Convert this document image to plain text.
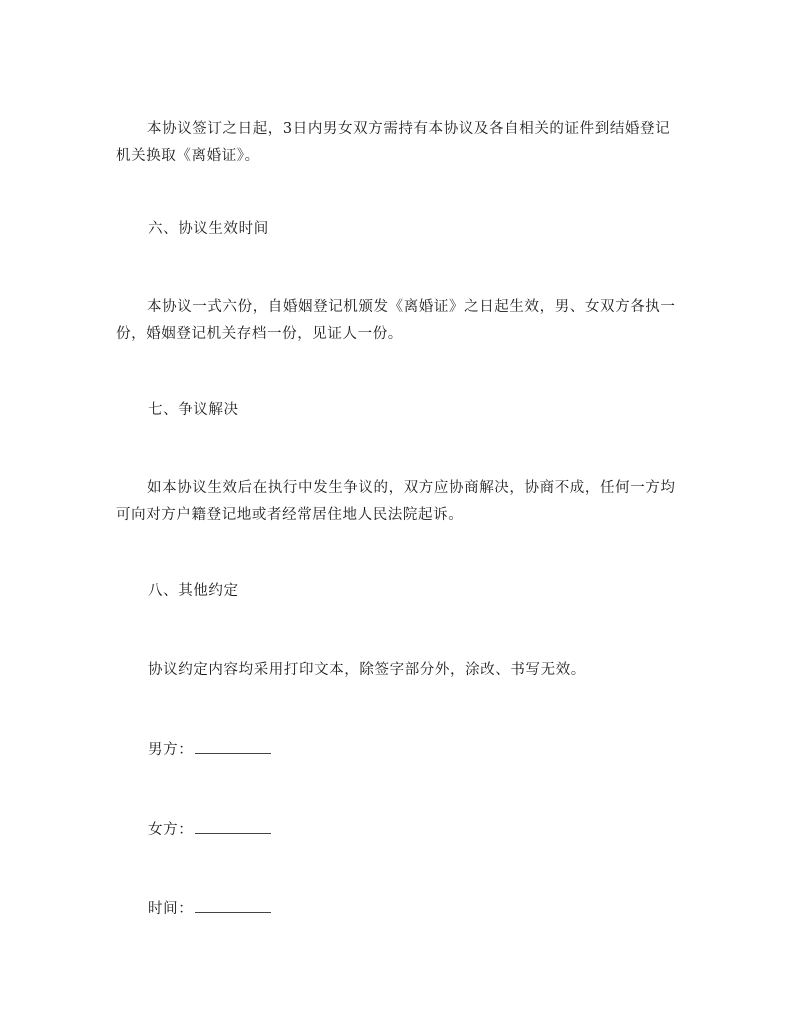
本协议签订之日起，3日内男女双方需持有本协议及各自相关的证件到结婚登记机关换取《离婚证》。

六、协议生效时间

本协议一式六份，自婚姻登记机颁发《离婚证》之日起生效，男、女双方各执一份，婚姻登记机关存档一份，见证人一份。

七、争议解决

如本协议生效后在执行中发生争议的，双方应协商解决，协商不成，任何一方均可向对方户籍登记地或者经常居住地人民法院起诉。

八、其他约定

协议约定内容均采用打印文本，除签字部分外，涂改、书写无效。

男方：
女方：
时间：
